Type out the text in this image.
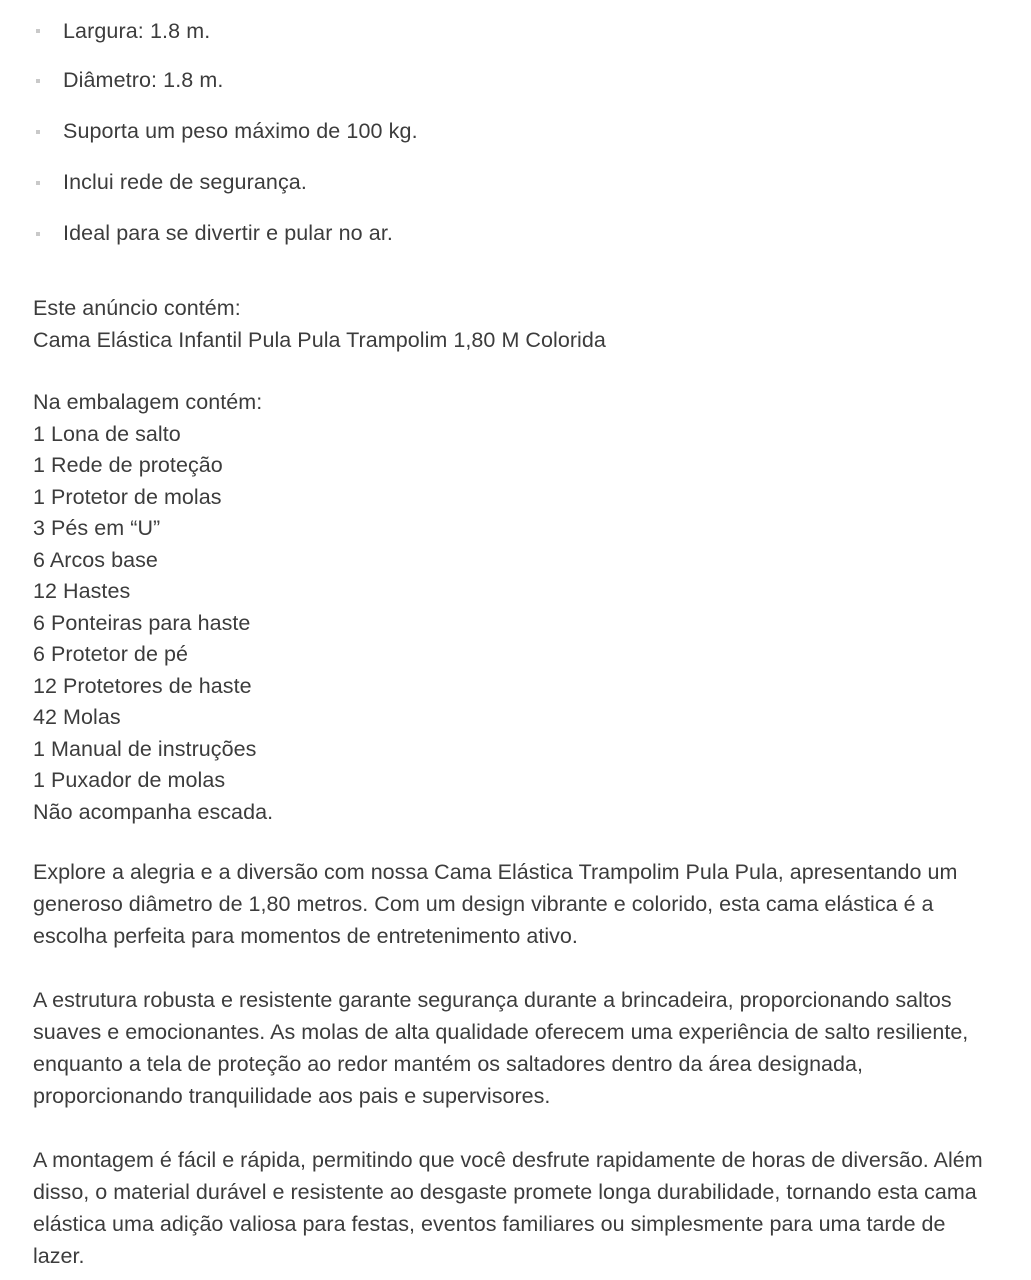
Largura: 1.8 m.
Diâmetro: 1.8 m.
Suporta um peso máximo de 100 kg.
Inclui rede de segurança.
Ideal para se divertir e pular no ar.
Este anúncio contém:
Cama Elástica Infantil Pula Pula Trampolim 1,80 M Colorida
Na embalagem contém:
1 Lona de salto
1 Rede de proteção
1 Protetor de molas
3 Pés em “U”
6 Arcos base
12 Hastes
6 Ponteiras para haste
6 Protetor de pé
12 Protetores de haste
42 Molas
1 Manual de instruções
1 Puxador de molas
Não acompanha escada.

Explore a alegria e a diversão com nossa Cama Elástica Trampolim Pula Pula, apresentando um generoso diâmetro de 1,80 metros. Com um design vibrante e colorido, esta cama elástica é a escolha perfeita para momentos de entretenimento ativo.

A estrutura robusta e resistente garante segurança durante a brincadeira, proporcionando saltos suaves e emocionantes. As molas de alta qualidade oferecem uma experiência de salto resiliente, enquanto a tela de proteção ao redor mantém os saltadores dentro da área designada, proporcionando tranquilidade aos pais e supervisores.

A montagem é fácil e rápida, permitindo que você desfrute rapidamente de horas de diversão. Além disso, o material durável e resistente ao desgaste promete longa durabilidade, tornando esta cama elástica uma adição valiosa para festas, eventos familiares ou simplesmente para uma tarde de lazer.
